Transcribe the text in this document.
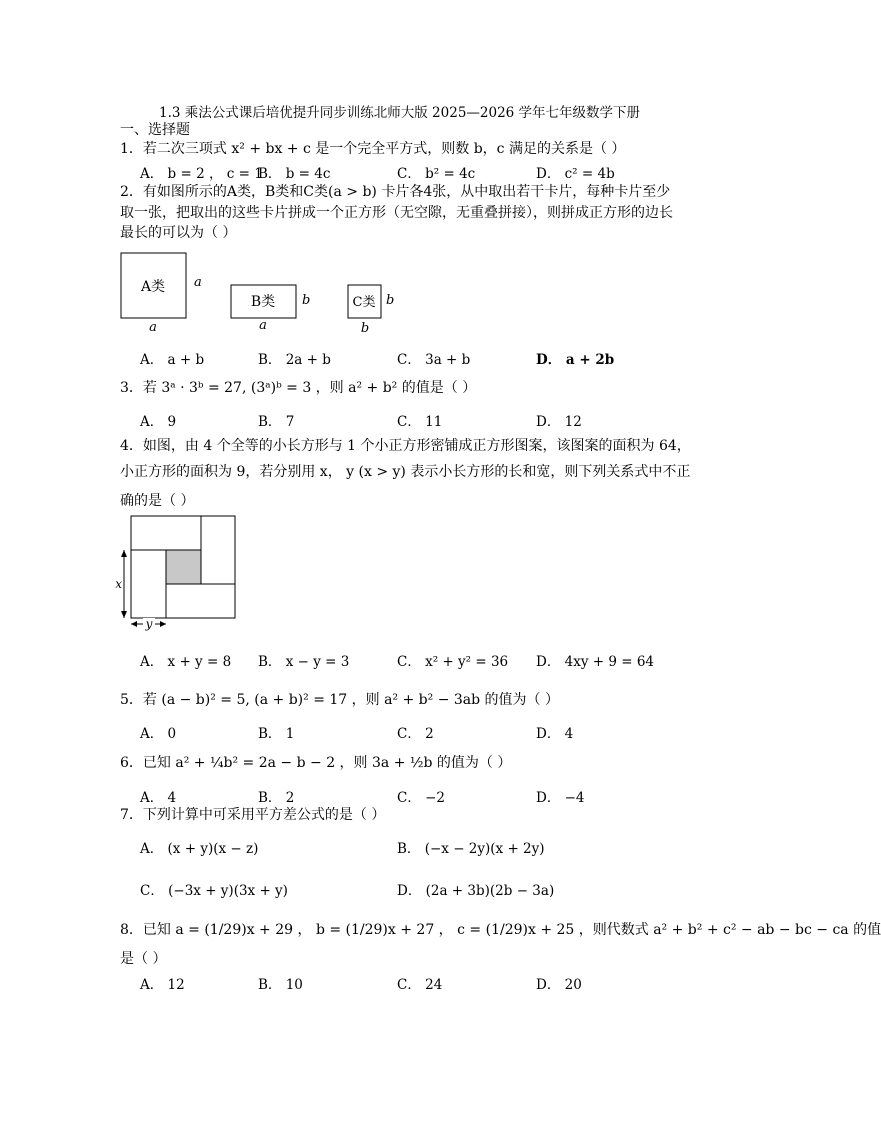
1.3 乘法公式课后培优提升同步训练北师大版 2025—2026 学年七年级数学下册
一、选择题
1．若二次三项式 x² + bx + c 是一个完全平方式，则数 b，c 满足的关系是（ ）
A． b = 2 ， c = 1
B． b = 4c	C． b² = 4c	D． c² = 4b
2．有如图所示的A类，B类和C类(a > b) 卡片各4张，从中取出若干卡片，每种卡片至少
取一张，把取出的这些卡片拼成一个正方形（无空隙，无重叠拼接），则拼成正方形的边长
最长的可以为（ ）
A类 a
a
B类 b
a
C类 b
b
A． a + b	B． 2a + b	C． 3a + b	D． a + 2b
3．若 3ᵃ · 3ᵇ = 27, (3ᵃ)ᵇ = 3 ，则 a² + b² 的值是（ ）
A． 9	B． 7	C． 11	D． 12
4．如图，由 4 个全等的小长方形与 1 个小正方形密铺成正方形图案，该图案的面积为 64，
小正方形的面积为 9，若分别用 x， y (x > y) 表示小长方形的长和宽，则下列关系式中不正
确的是（ ）
x
y
A． x + y = 8 B． x − y = 3	C． x² + y² = 36 D． 4xy + 9 = 64
5．若 (a − b)² = 5, (a + b)² = 17 ，则 a² + b² − 3ab 的值为（ ）
A． 0	B． 1	C． 2	D． 4
6．已知 a² + ¼b² = 2a − b − 2 ，则 3a + ½b 的值为（ ）
A． 4	B． 2	C． −2	D． −4
7．下列计算中可采用平方差公式的是（ ）
A． (x + y)(x − z)	B． (−x − 2y)(x + 2y)
C． (−3x + y)(3x + y)	D． (2a + 3b)(2b − 3a)
8．已知 a = (1/29)x + 29 ， b = (1/29)x + 27 ， c = (1/29)x + 25 ，则代数式 a² + b² + c² − ab − bc − ca 的值
是（ ）
A． 12	B． 10	C． 24	D． 20
